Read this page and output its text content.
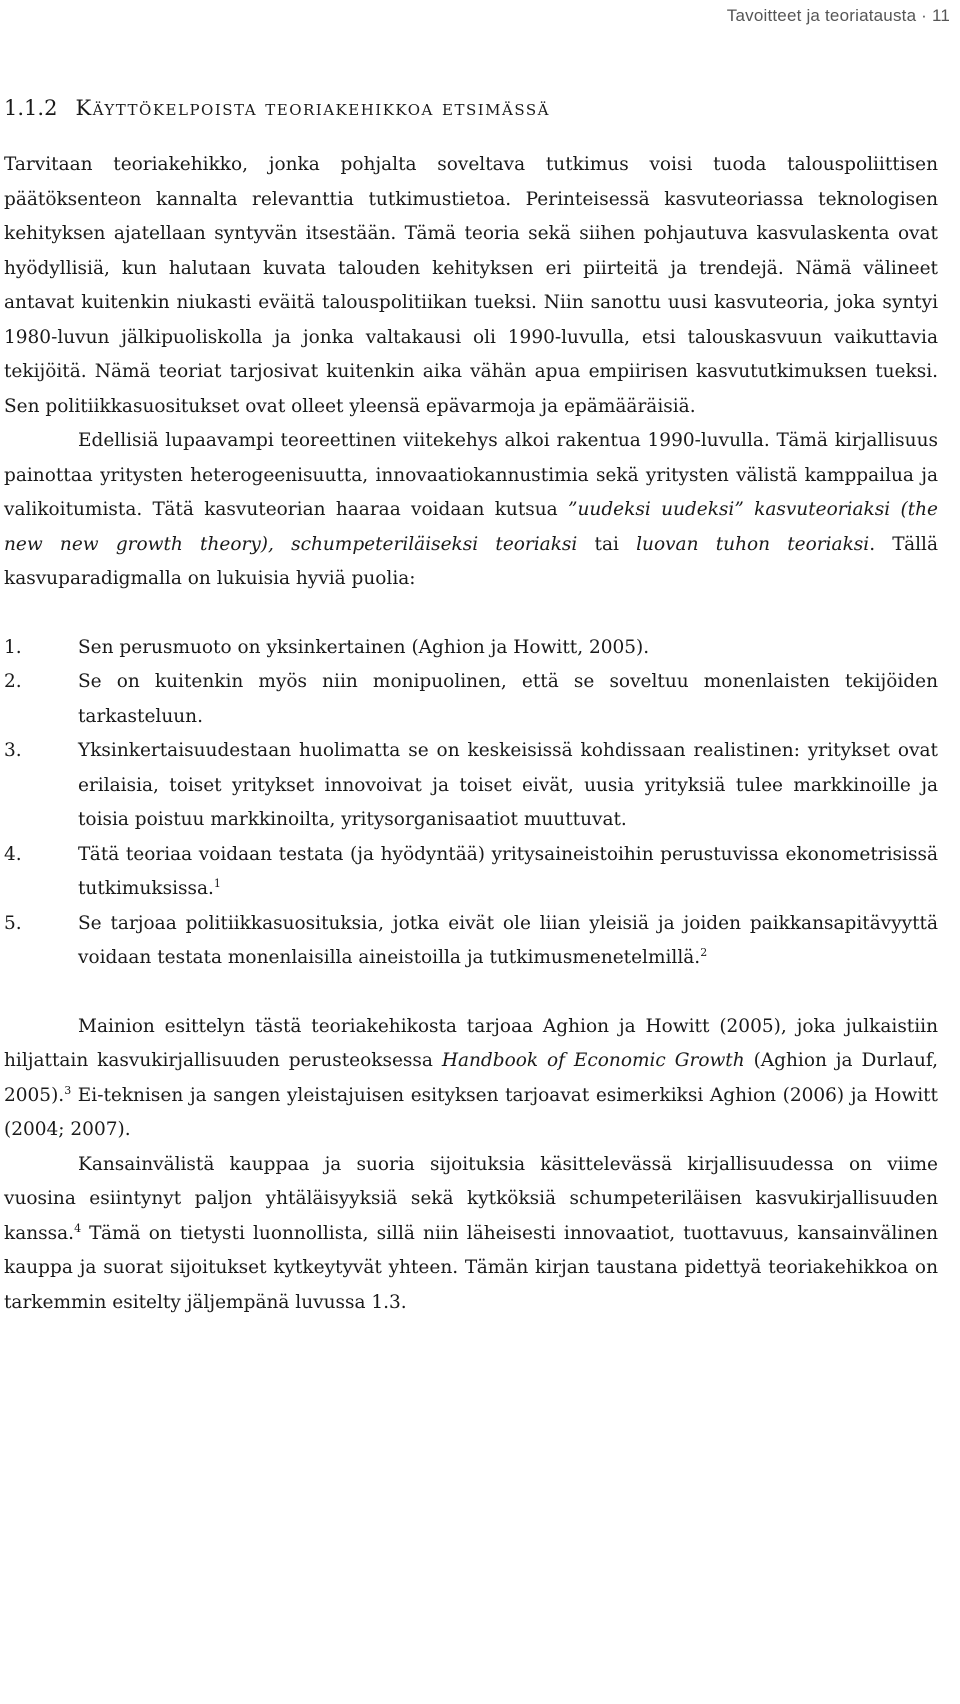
Tavoitteet ja teoriatausta · 11
1.1.2 Käyttökelpoista teoriakehikkoa etsimässä

Tarvitaan teoriakehikko, jonka pohjalta soveltava tutkimus voisi tuoda talouspoliittisen päätöksenteon kannalta relevanttia tutkimustietoa. Perinteisessä kasvuteoriassa teknologisen kehityksen ajatellaan syntyvän itsestään. Tämä teoria sekä siihen pohjautuva kasvulaskenta ovat hyödyllisiä, kun halutaan kuvata talouden kehityksen eri piirteitä ja trendejä. Nämä välineet antavat kuitenkin niukasti eväitä talouspolitiikan tueksi. Niin sanottu uusi kasvuteoria, joka syntyi 1980-luvun jälkipuoliskolla ja jonka valtakausi oli 1990-luvulla, etsi talouskasvuun vaikuttavia tekijöitä. Nämä teoriat tarjosivat kuitenkin aika vähän apua empiirisen kasvututkimuksen tueksi. Sen politiikkasuositukset ovat olleet yleensä epävarmoja ja epämääräisiä.

Edellisiä lupaavampi teoreettinen viitekehys alkoi rakentua 1990-luvulla. Tämä kirjallisuus painottaa yritysten heterogeenisuutta, innovaatiokannustimia sekä yritysten välistä kamppailua ja valikoitumista. Tätä kasvuteorian haaraa voidaan kutsua ”uudeksi uudeksi” kasvuteoriaksi (the new new growth theory), schumpeteriläiseksi teoriaksi tai luovan tuhon teoriaksi. Tällä kasvuparadigmalla on lukuisia hyviä puolia:

1.	Sen perusmuoto on yksinkertainen (Aghion ja Howitt, 2005).
2.	Se on kuitenkin myös niin monipuolinen, että se soveltuu monenlaisten tekijöiden tarkasteluun.
3.	Yksinkertaisuudestaan huolimatta se on keskeisissä kohdissaan realistinen: yritykset ovat erilaisia, toiset yritykset innovoivat ja toiset eivät, uusia yrityksiä tulee markkinoille ja toisia poistuu markkinoilta, yritysorganisaatiot muuttuvat.
4.	Tätä teoriaa voidaan testata (ja hyödyntää) yritysaineistoihin perustuvissa ekonometrisissä tutkimuksissa.$^1$
5.	Se tarjoaa politiikkasuosituksia, jotka eivät ole liian yleisiä ja joiden paikkansapitävyyttä voidaan testata monenlaisilla aineistoilla ja tutkimusmenetelmillä.$^2$

Mainion esittelyn tästä teoriakehikosta tarjoaa Aghion ja Howitt (2005), joka julkaistiin hiljattain kasvukirjallisuuden perusteoksessa Handbook of Economic Growth (Aghion ja Durlauf, 2005).$^3$ Ei-teknisen ja sangen yleistajuisen esityksen tarjoavat esimerkiksi Aghion (2006) ja Howitt (2004; 2007).

Kansainvälistä kauppaa ja suoria sijoituksia käsittelevässä kirjallisuudessa on viime vuosina esiintynyt paljon yhtäläisyyksiä sekä kytköksiä schumpeteriläisen kasvukirjallisuuden kanssa.$^4$ Tämä on tietysti luonnollista, sillä niin läheisesti innovaatiot, tuottavuus, kansainvälinen kauppa ja suorat sijoitukset kytkeytyvät yhteen. Tämän kirjan taustana pidettyä teoriakehikkoa on tarkemmin esitelty jäljempänä luvussa 1.3.
